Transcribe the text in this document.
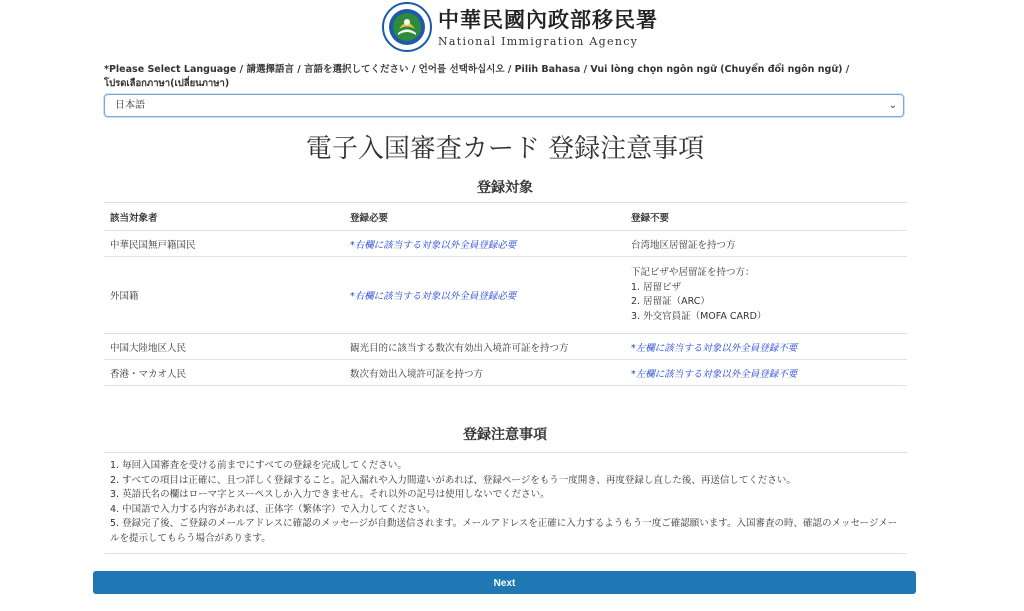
中華民國內政部移民署
National Immigration Agency
*Please Select Language / 請選擇語言 / 言語を選択してください / 언어를 선택하십시오 / Pilih Bahasa / Vui lòng chọn ngôn ngữ (Chuyển đổi ngôn ngữ) / โปรดเลือกภาษา(เปลี่ยนภาษา)
日本語	⌄
電子入国審査カード 登録注意事項
登録対象
該当対象者	登録必要	登録不要
中華民国無戸籍国民	*右欄に該当する対象以外全員登録必要	台湾地区居留証を持つ方
外国籍	*右欄に該当する対象以外全員登録必要	下記ビザや居留証を持つ方：
1. 居留ビザ
2. 居留証（ARC）
3. 外交官員証（MOFA CARD）

中国大陸地区人民	観光目的に該当する数次有効出入境許可証を持つ方	*左欄に該当する対象以外全員登録不要
香港・マカオ人民	数次有効出入境許可証を持つ方	*左欄に該当する対象以外全員登録不要
登録注意事項

1. 毎回入国審査を受ける前までにすべての登録を完成してください。

2. すべての項目は正確に、且つ詳しく登録すること。記入漏れや入力間違いがあれば、登録ページをもう一度開き、再度登録し直した後、再送信してください。

3. 英語氏名の欄はローマ字とスーペスしか入力できません。それ以外の記号は使用しないでください。

4. 中国語で入力する内容があれば、正体字（繁体字）で入力してください。

5. 登録完了後、ご登録のメールアドレスに確認のメッセージが自動送信されます。メールアドレスを正確に入力するようもう一度ご確認願います。入国審査の時、確認のメッセージメールを提示してもらう場合があります。

Next
